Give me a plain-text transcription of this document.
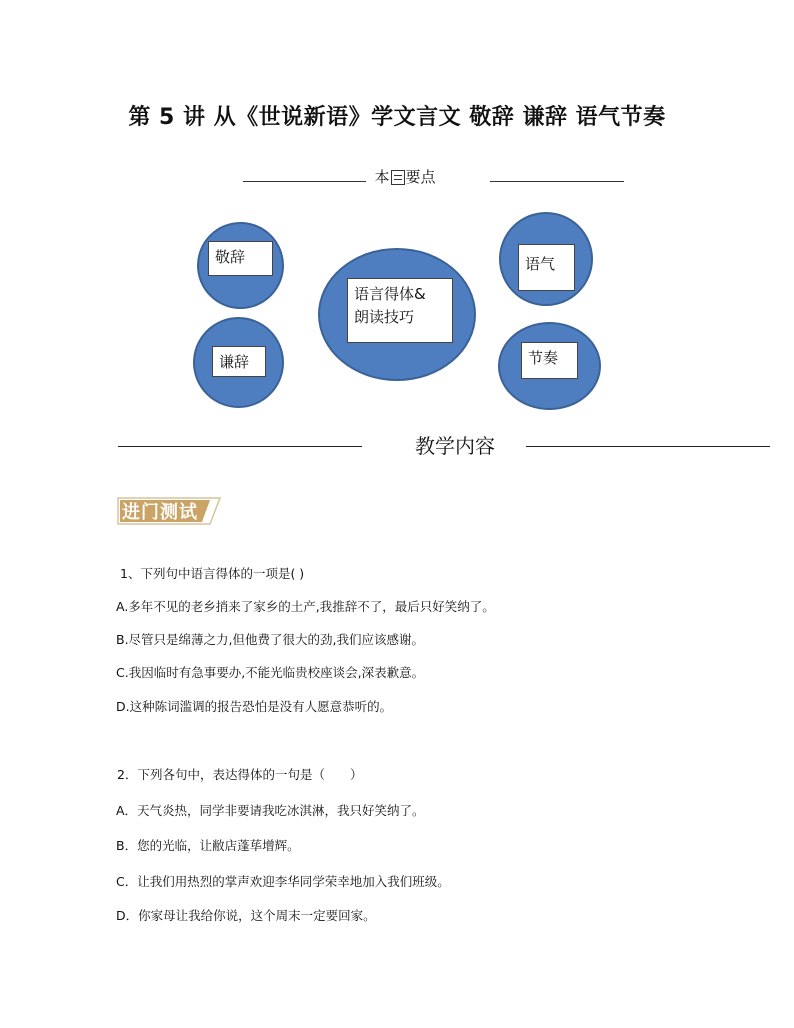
第 5 讲 从《世说新语》学文言文 敬辞 谦辞 语气节奏
本 要点
敬辞
谦辞
语言得体&
朗读技巧
语气
节奏
教学内容
进门测试
1、下列句中语言得体的一项是( )
A.多年不见的老乡捎来了家乡的土产,我推辞不了，最后只好笑纳了。
B.尽管只是绵薄之力,但他费了很大的劲,我们应该感谢。
C.我因临时有急事要办,不能光临贵校座谈会,深表歉意。
D.这种陈词滥调的报告恐怕是没有人愿意恭听的。
2．下列各句中，表达得体的一句是（　　）
A．天气炎热，同学非要请我吃冰淇淋，我只好笑纳了。
B．您的光临，让敝店蓬荜增辉。
C．让我们用热烈的掌声欢迎李华同学荣幸地加入我们班级。
D．你家母让我给你说，这个周末一定要回家。
